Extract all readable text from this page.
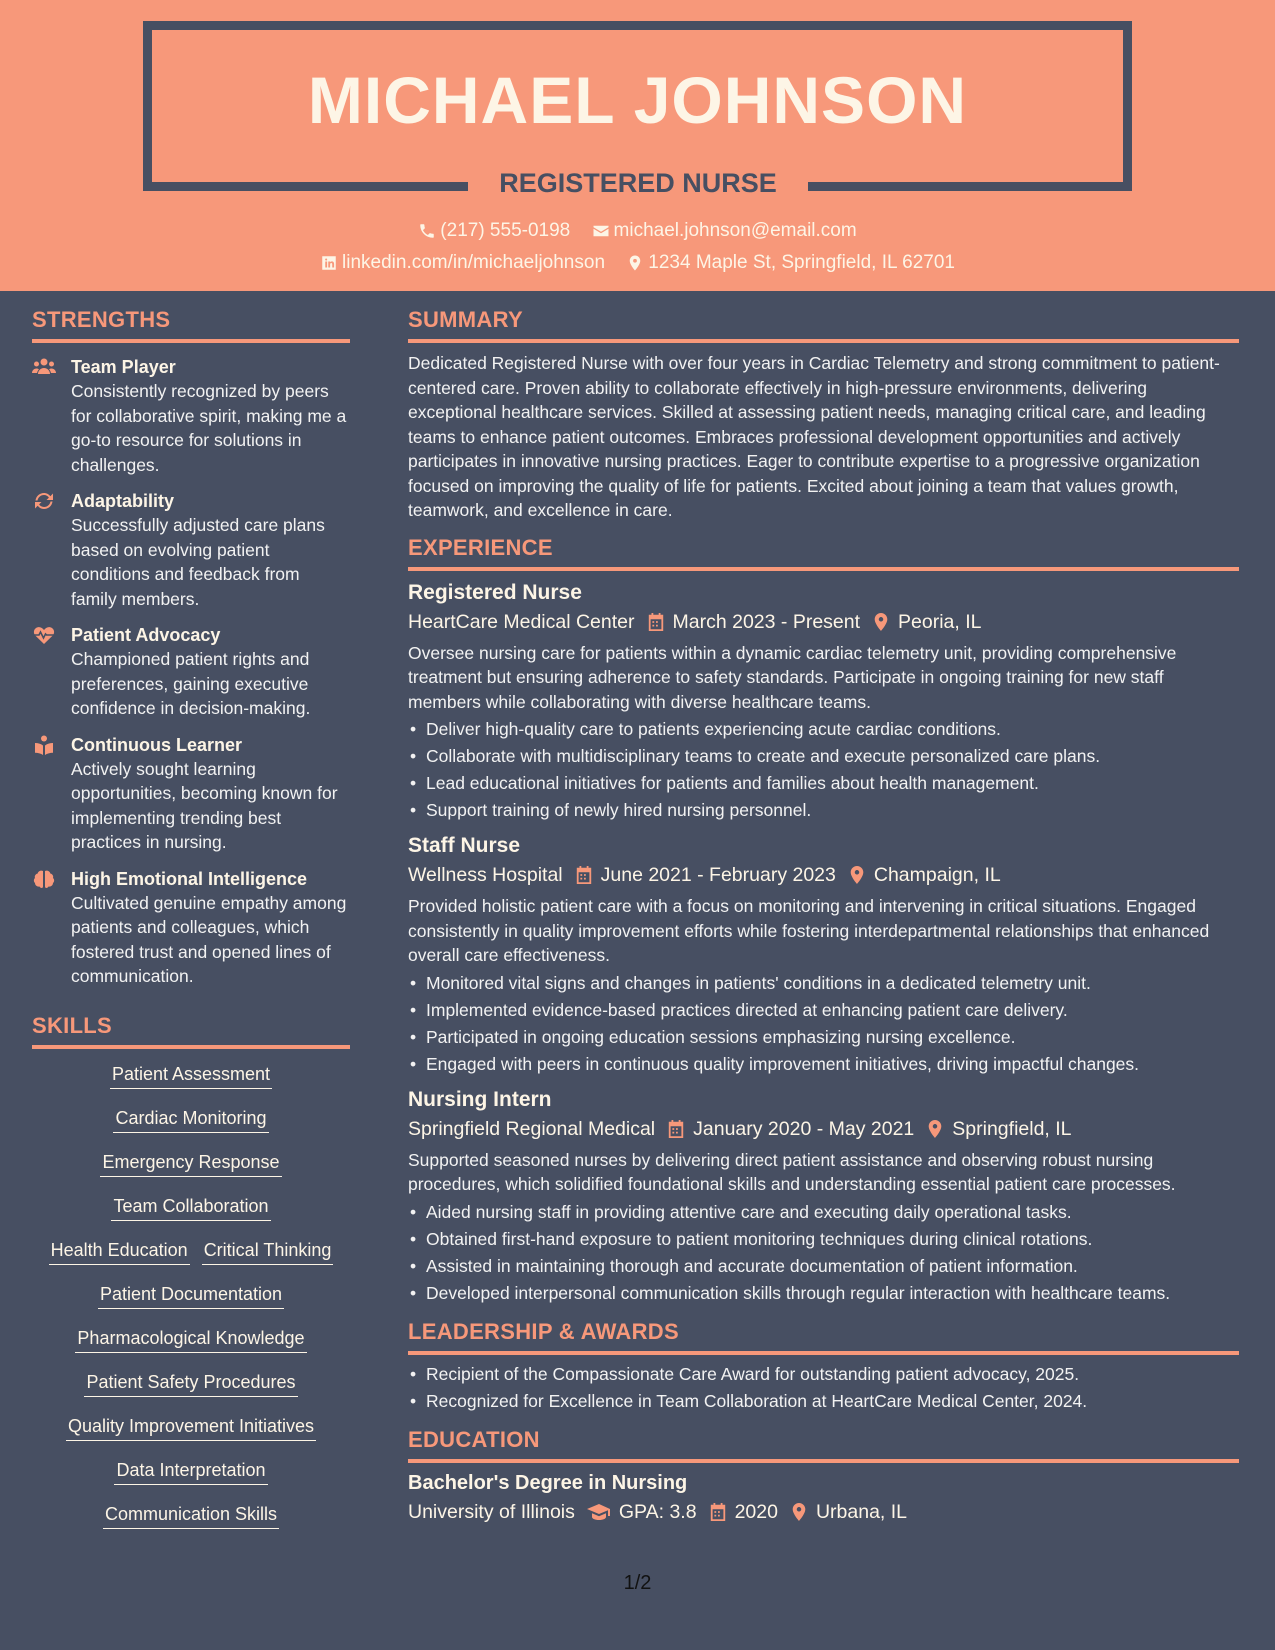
MICHAEL JOHNSON
REGISTERED NURSE
(217) 555-0198
michael.johnson@email.com
linkedin.com/in/michaeljohnson
1234 Maple St, Springfield, IL 62701
STRENGTHS
Team Player
Consistently recognized by peers for collaborative spirit, making me a go-to resource for solutions in challenges.
Adaptability
Successfully adjusted care plans based on evolving patient conditions and feedback from family members.
Patient Advocacy
Championed patient rights and preferences, gaining executive confidence in decision-making.
Continuous Learner
Actively sought learning opportunities, becoming known for implementing trending best practices in nursing.
High Emotional Intelligence
Cultivated genuine empathy among patients and colleagues, which fostered trust and opened lines of communication.
SKILLS
Patient Assessment
Cardiac Monitoring
Emergency Response
Team Collaboration
Health Education Critical Thinking
Patient Documentation
Pharmacological Knowledge
Patient Safety Procedures
Quality Improvement Initiatives
Data Interpretation
Communication Skills
SUMMARY
Dedicated Registered Nurse with over four years in Cardiac Telemetry and strong commitment to patient-centered care. Proven ability to collaborate effectively in high-pressure environments, delivering exceptional healthcare services. Skilled at assessing patient needs, managing critical care, and leading teams to enhance patient outcomes. Embraces professional development opportunities and actively participates in innovative nursing practices. Eager to contribute expertise to a progressive organization focused on improving the quality of life for patients. Excited about joining a team that values growth, teamwork, and excellence in care.
EXPERIENCE
Registered Nurse
HeartCare Medical Center March 2023 - Present Peoria, IL
Oversee nursing care for patients within a dynamic cardiac telemetry unit, providing comprehensive treatment but ensuring adherence to safety standards. Participate in ongoing training for new staff members while collaborating with diverse healthcare teams.
• Deliver high-quality care to patients experiencing acute cardiac conditions.
• Collaborate with multidisciplinary teams to create and execute personalized care plans.
• Lead educational initiatives for patients and families about health management.
• Support training of newly hired nursing personnel.
Staff Nurse
Wellness Hospital June 2021 - February 2023 Champaign, IL
Provided holistic patient care with a focus on monitoring and intervening in critical situations. Engaged consistently in quality improvement efforts while fostering interdepartmental relationships that enhanced overall care effectiveness.
• Monitored vital signs and changes in patients' conditions in a dedicated telemetry unit.
• Implemented evidence-based practices directed at enhancing patient care delivery.
• Participated in ongoing education sessions emphasizing nursing excellence.
• Engaged with peers in continuous quality improvement initiatives, driving impactful changes.
Nursing Intern
Springfield Regional Medical January 2020 - May 2021 Springfield, IL
Supported seasoned nurses by delivering direct patient assistance and observing robust nursing procedures, which solidified foundational skills and understanding essential patient care processes.
• Aided nursing staff in providing attentive care and executing daily operational tasks.
• Obtained first-hand exposure to patient monitoring techniques during clinical rotations.
• Assisted in maintaining thorough and accurate documentation of patient information.
• Developed interpersonal communication skills through regular interaction with healthcare teams.
LEADERSHIP & AWARDS
• Recipient of the Compassionate Care Award for outstanding patient advocacy, 2025.
• Recognized for Excellence in Team Collaboration at HeartCare Medical Center, 2024.
EDUCATION
Bachelor's Degree in Nursing
University of Illinois GPA: 3.8 2020 Urbana, IL
1/2
